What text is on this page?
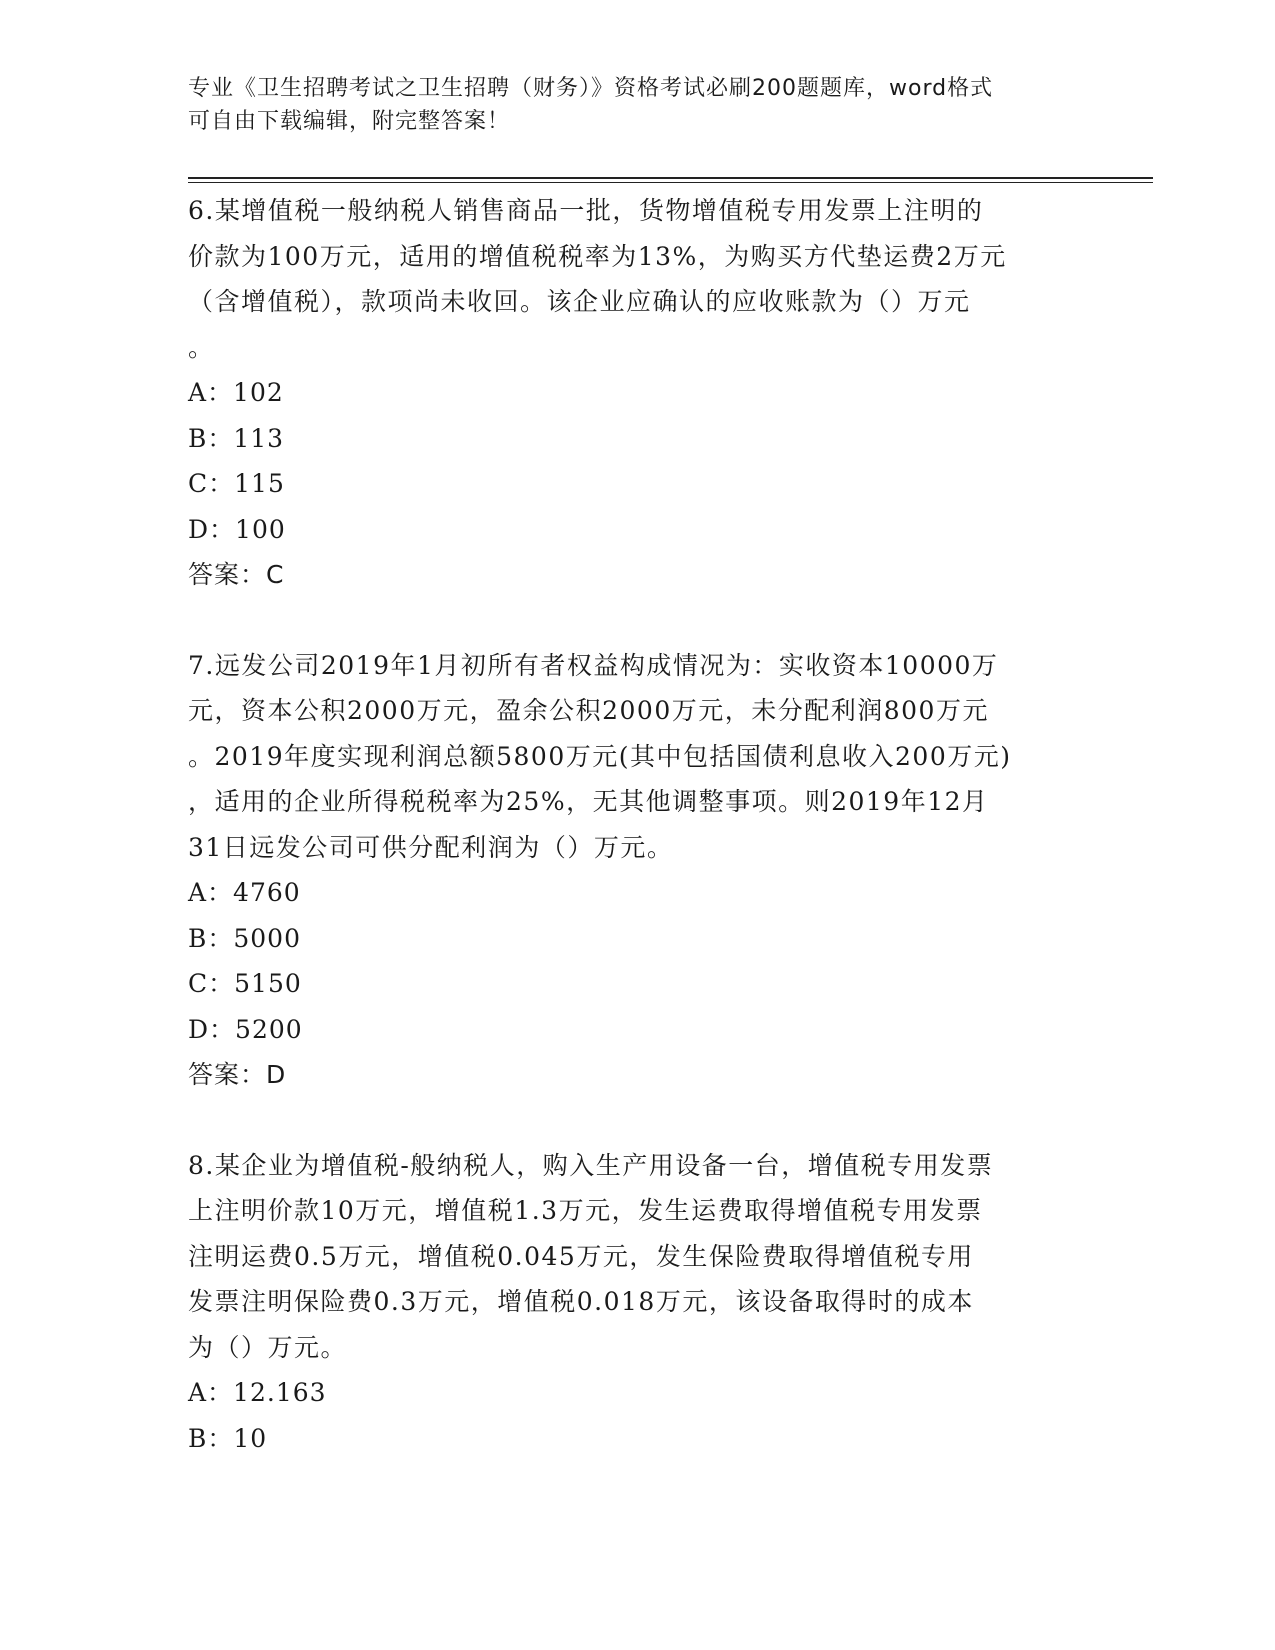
专业《卫生招聘考试之卫生招聘（财务）》资格考试必刷200题题库，word格式
可自由下载编辑，附完整答案！

6.某增值税一般纳税人销售商品一批，货物增值税专用发票上注明的

价款为100万元，适用的增值税税率为13%，为购买方代垫运费2万元

（含增值税），款项尚未收回。该企业应确认的应收账款为（）万元

。

A：102

B：113

C：115

D：100

答案：C

7.远发公司2019年1月初所有者权益构成情况为：实收资本10000万

元，资本公积2000万元，盈余公积2000万元，未分配利润800万元

。2019年度实现利润总额5800万元(其中包括国债利息收入200万元)

，适用的企业所得税税率为25%，无其他调整事项。则2019年12月

31日远发公司可供分配利润为（）万元。

A：4760

B：5000

C：5150

D：5200

答案：D

8.某企业为增值税-般纳税人，购入生产用设备一台，增值税专用发票

上注明价款10万元，增值税1.3万元，发生运费取得增值税专用发票

注明运费0.5万元，增值税0.045万元，发生保险费取得增值税专用

发票注明保险费0.3万元，增值税0.018万元，该设备取得时的成本

为（）万元。

A：12.163

B：10
